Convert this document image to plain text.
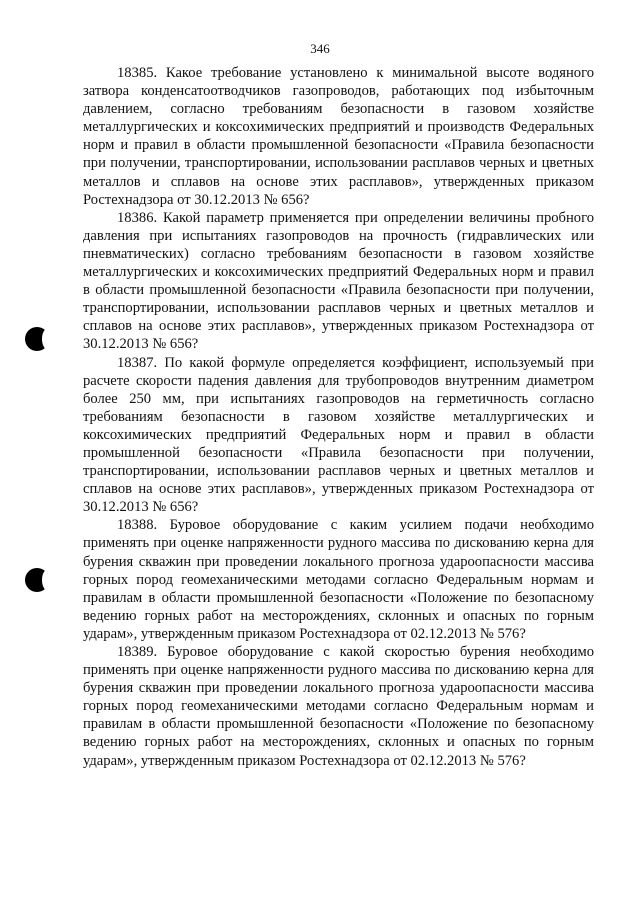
346

18385. Какое требование установлено к минимальной высоте водяного затвора конденсатоотводчиков газопроводов, работающих под избыточным давлением, согласно требованиям безопасности в газовом хозяйстве металлургических и коксохимических предприятий и производств Федеральных норм и правил в области промышленной безопасности «Правила безопасности при получении, транспортировании, использовании расплавов черных и цветных металлов и сплавов на основе этих расплавов», утвержденных приказом Ростехнадзора от 30.12.2013 № 656?

18386. Какой параметр применяется при определении величины пробного давления при испытаниях газопроводов на прочность (гидравлических или пневматических) согласно требованиям безопасности в газовом хозяйстве металлургических и коксохимических предприятий Федеральных норм и правил в области промышленной безопасности «Правила безопасности при получении, транспортировании, использовании расплавов черных и цветных металлов и сплавов на основе этих расплавов», утвержденных приказом Ростехнадзора от 30.12.2013 № 656?

18387. По какой формуле определяется коэффициент, используемый при расчете скорости падения давления для трубопроводов внутренним диаметром более 250 мм, при испытаниях газопроводов на герметичность согласно требованиям безопасности в газовом хозяйстве металлургических и коксохимических предприятий Федеральных норм и правил в области промышленной безопасности «Правила безопасности при получении, транспортировании, использовании расплавов черных и цветных металлов и сплавов на основе этих расплавов», утвержденных приказом Ростехнадзора от 30.12.2013 № 656?

18388. Буровое оборудование с каким усилием подачи необходимо применять при оценке напряженности рудного массива по дискованию керна для бурения скважин при проведении локального прогноза удароопасности массива горных пород геомеханическими методами согласно Федеральным нормам и правилам в области промышленной безопасности «Положение по безопасному ведению горных работ на месторождениях, склонных и опасных по горным ударам», утвержденным приказом Ростехнадзора от 02.12.2013 № 576?

18389. Буровое оборудование с какой скоростью бурения необходимо применять при оценке напряженности рудного массива по дискованию керна для бурения скважин при проведении локального прогноза удароопасности массива горных пород геомеханическими методами согласно Федеральным нормам и правилам в области промышленной безопасности «Положение по безопасному ведению горных работ на месторождениях, склонных и опасных по горным ударам», утвержденным приказом Ростехнадзора от 02.12.2013 № 576?
